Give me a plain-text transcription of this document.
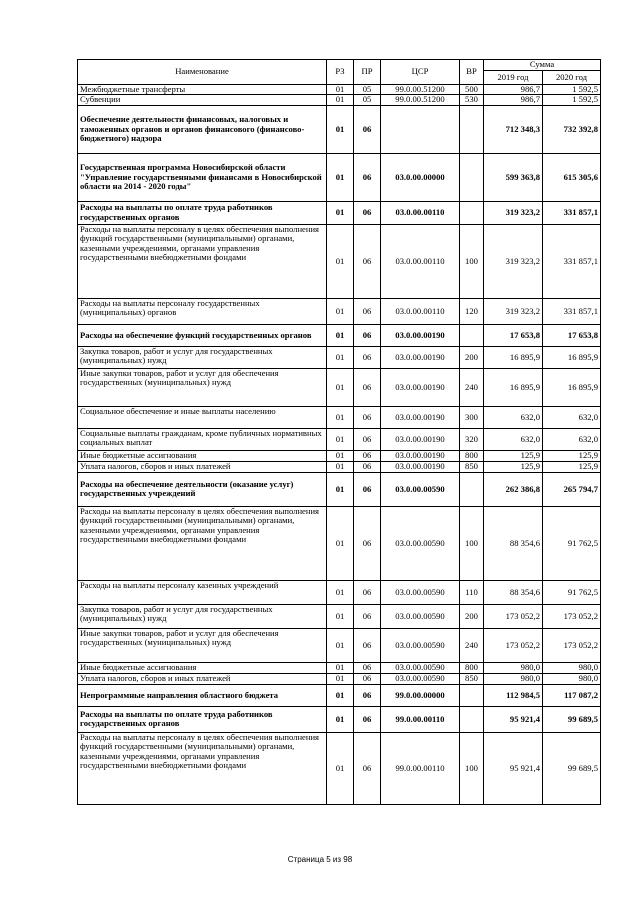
Наименование	РЗ	ПР	ЦСР	ВР	Сумма	
					2019 год	2020 год
Межбюджетные трансферты	01	05	99.0.00.51200	500	986,7	1 592,5
Субвенции	01	05	99.0.00.51200	530	986,7	1 592,5
Обеспечение деятельности финансовых, налоговых и таможенных органов и органов финансового (финансово-бюджетного) надзора	01	06			712 348,3	732 392,8
Государственная программа Новосибирской области "Управление государственными финансами в Новосибирской области на 2014 - 2020 годы"	01	06	03.0.00.00000		599 363,8	615 305,6
Расходы на выплаты по оплате труда работников государственных органов	01	06	03.0.00.00110		319 323,2	331 857,1
Расходы на выплаты персоналу в целях обеспечения выполнения функций государственными (муниципальными) органами, казенными учреждениями, органами управления государственными внебюджетными фондами	01	06	03.0.00.00110	100	319 323,2	331 857,1
Расходы на выплаты персоналу государственных (муниципальных) органов	01	06	03.0.00.00110	120	319 323,2	331 857,1
Расходы на обеспечение функций государственных органов	01	06	03.0.00.00190		17 653,8	17 653,8
Закупка товаров, работ и услуг для государственных (муниципальных) нужд	01	06	03.0.00.00190	200	16 895,9	16 895,9
Иные закупки товаров, работ и услуг для обеспечения государственных (муниципальных) нужд	01	06	03.0.00.00190	240	16 895,9	16 895,9
Социальное обеспечение и иные выплаты населению	01	06	03.0.00.00190	300	632,0	632,0
Социальные выплаты гражданам, кроме публичных нормативных социальных выплат	01	06	03.0.00.00190	320	632,0	632,0
Иные бюджетные ассигнования	01	06	03.0.00.00190	800	125,9	125,9
Уплата налогов, сборов и иных платежей	01	06	03.0.00.00190	850	125,9	125,9
Расходы на обеспечение деятельности (оказание услуг) государственных учреждений	01	06	03.0.00.00590		262 386,8	265 794,7
Расходы на выплаты персоналу в целях обеспечения выполнения функций государственными (муниципальными) органами, казенными учреждениями, органами управления государственными внебюджетными фондами	01	06	03.0.00.00590	100	88 354,6	91 762,5
Расходы на выплаты персоналу казенных учреждений	01	06	03.0.00.00590	110	88 354,6	91 762,5
Закупка товаров, работ и услуг для государственных (муниципальных) нужд	01	06	03.0.00.00590	200	173 052,2	173 052,2
Иные закупки товаров, работ и услуг для обеспечения государственных (муниципальных) нужд	01	06	03.0.00.00590	240	173 052,2	173 052,2
Иные бюджетные ассигнования	01	06	03.0.00.00590	800	980,0	980,0
Уплата налогов, сборов и иных платежей	01	06	03.0.00.00590	850	980,0	980,0
Непрограммные направления областного бюджета	01	06	99.0.00.00000		112 984,5	117 087,2
Расходы на выплаты по оплате труда работников государственных органов	01	06	99.0.00.00110		95 921,4	99 689,5
Расходы на выплаты персоналу в целях обеспечения выполнения функций государственными (муниципальными) органами, казенными учреждениями, органами управления государственными внебюджетными фондами	01	06	99.0.00.00110	100	95 921,4	99 689,5
Страница 5 из 98
